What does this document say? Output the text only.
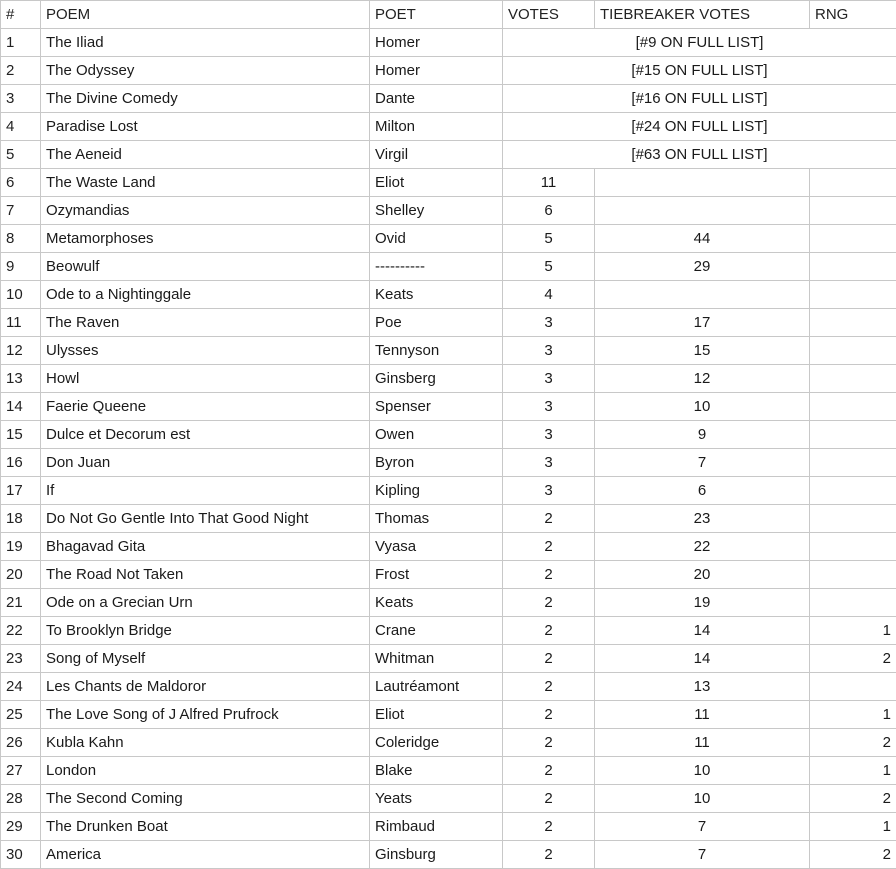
#	POEM	POET	VOTES	TIEBREAKER VOTES	RNG
1	The Iliad	Homer	[#9 ON FULL LIST]		
2	The Odyssey	Homer	[#15 ON FULL LIST]		
3	The Divine Comedy	Dante	[#16 ON FULL LIST]		
4	Paradise Lost	Milton	[#24 ON FULL LIST]		
5	The Aeneid	Virgil	[#63 ON FULL LIST]		
6	The Waste Land	Eliot	11		
7	Ozymandias	Shelley	6		
8	Metamorphoses	Ovid	5	44	
9	Beowulf	----------	5	29	
10	Ode to a Nightinggale	Keats	4		
11	The Raven	Poe	3	17	
12	Ulysses	Tennyson	3	15	
13	Howl	Ginsberg	3	12	
14	Faerie Queene	Spenser	3	10	
15	Dulce et Decorum est	Owen	3	9	
16	Don Juan	Byron	3	7	
17	If	Kipling	3	6	
18	Do Not Go Gentle Into That Good Night	Thomas	2	23	
19	Bhagavad Gita	Vyasa	2	22	
20	The Road Not Taken	Frost	2	20	
21	Ode on a Grecian Urn	Keats	2	19	
22	To Brooklyn Bridge	Crane	2	14	1
23	Song of Myself	Whitman	2	14	2
24	Les Chants de Maldoror	Lautréamont	2	13	
25	The Love Song of J Alfred Prufrock	Eliot	2	11	1
26	Kubla Kahn	Coleridge	2	11	2
27	London	Blake	2	10	1
28	The Second Coming	Yeats	2	10	2
29	The Drunken Boat	Rimbaud	2	7	1
30	America	Ginsburg	2	7	2
